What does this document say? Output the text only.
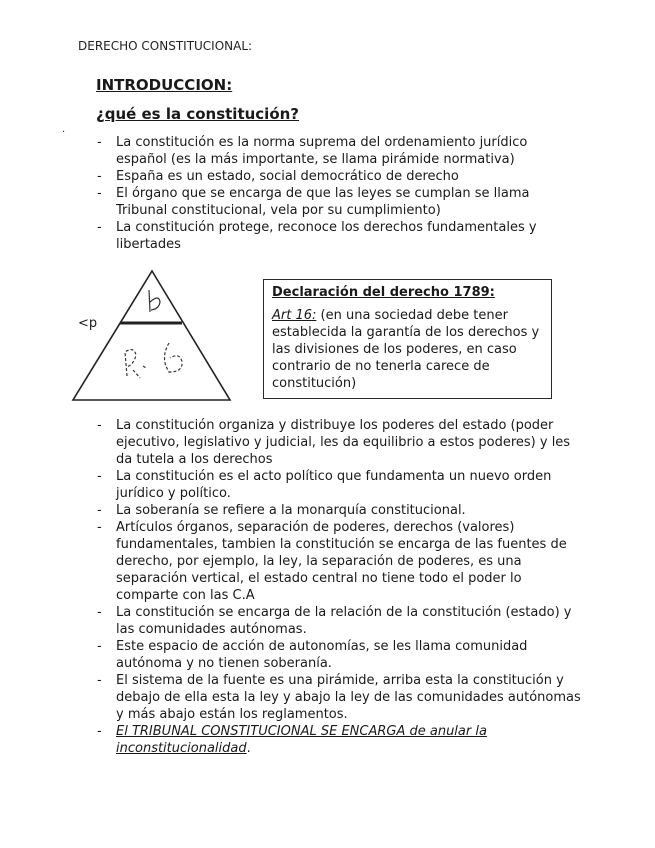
DERECHO CONSTITUCIONAL:
INTRODUCCION:
¿qué es la constitución?
.
- La constitución es la norma suprema del ordenamiento jurídico español (es la más importante, se llama pirámide normativa)
- España es un estado, social democrático de derecho
- El órgano que se encarga de que las leyes se cumplan se llama Tribunal constitucional, vela por su cumplimiento)
- La constitución protege, reconoce los derechos fundamentales y libertades
<p
Declaración del derecho 1789:
Art 16: (en una sociedad debe tener establecida la garantía de los derechos y las divisiones de los poderes, en caso contrario de no tenerla carece de constitución)
- La constitución organiza y distribuye los poderes del estado (poder ejecutivo, legislativo y judicial, les da equilibrio a estos poderes) y les da tutela a los derechos
- La constitución es el acto político que fundamenta un nuevo orden jurídico y político.
- La soberanía se refiere a la monarquía constitucional.
- Artículos órganos, separación de poderes, derechos (valores) fundamentales, tambien la constitución se encarga de las fuentes de derecho, por ejemplo, la ley, la separación de poderes, es una separación vertical, el estado central no tiene todo el poder lo comparte con las C.A
- La constitución se encarga de la relación de la constitución (estado) y las comunidades autónomas.
- Este espacio de acción de autonomías, se les llama comunidad autónoma y no tienen soberanía.
- El sistema de la fuente es una pirámide, arriba esta la constitución y debajo de ella esta la ley y abajo la ley de las comunidades autónomas y más abajo están los reglamentos.
- El TRIBUNAL CONSTITUCIONAL SE ENCARGA de anular la inconstitucionalidad.
